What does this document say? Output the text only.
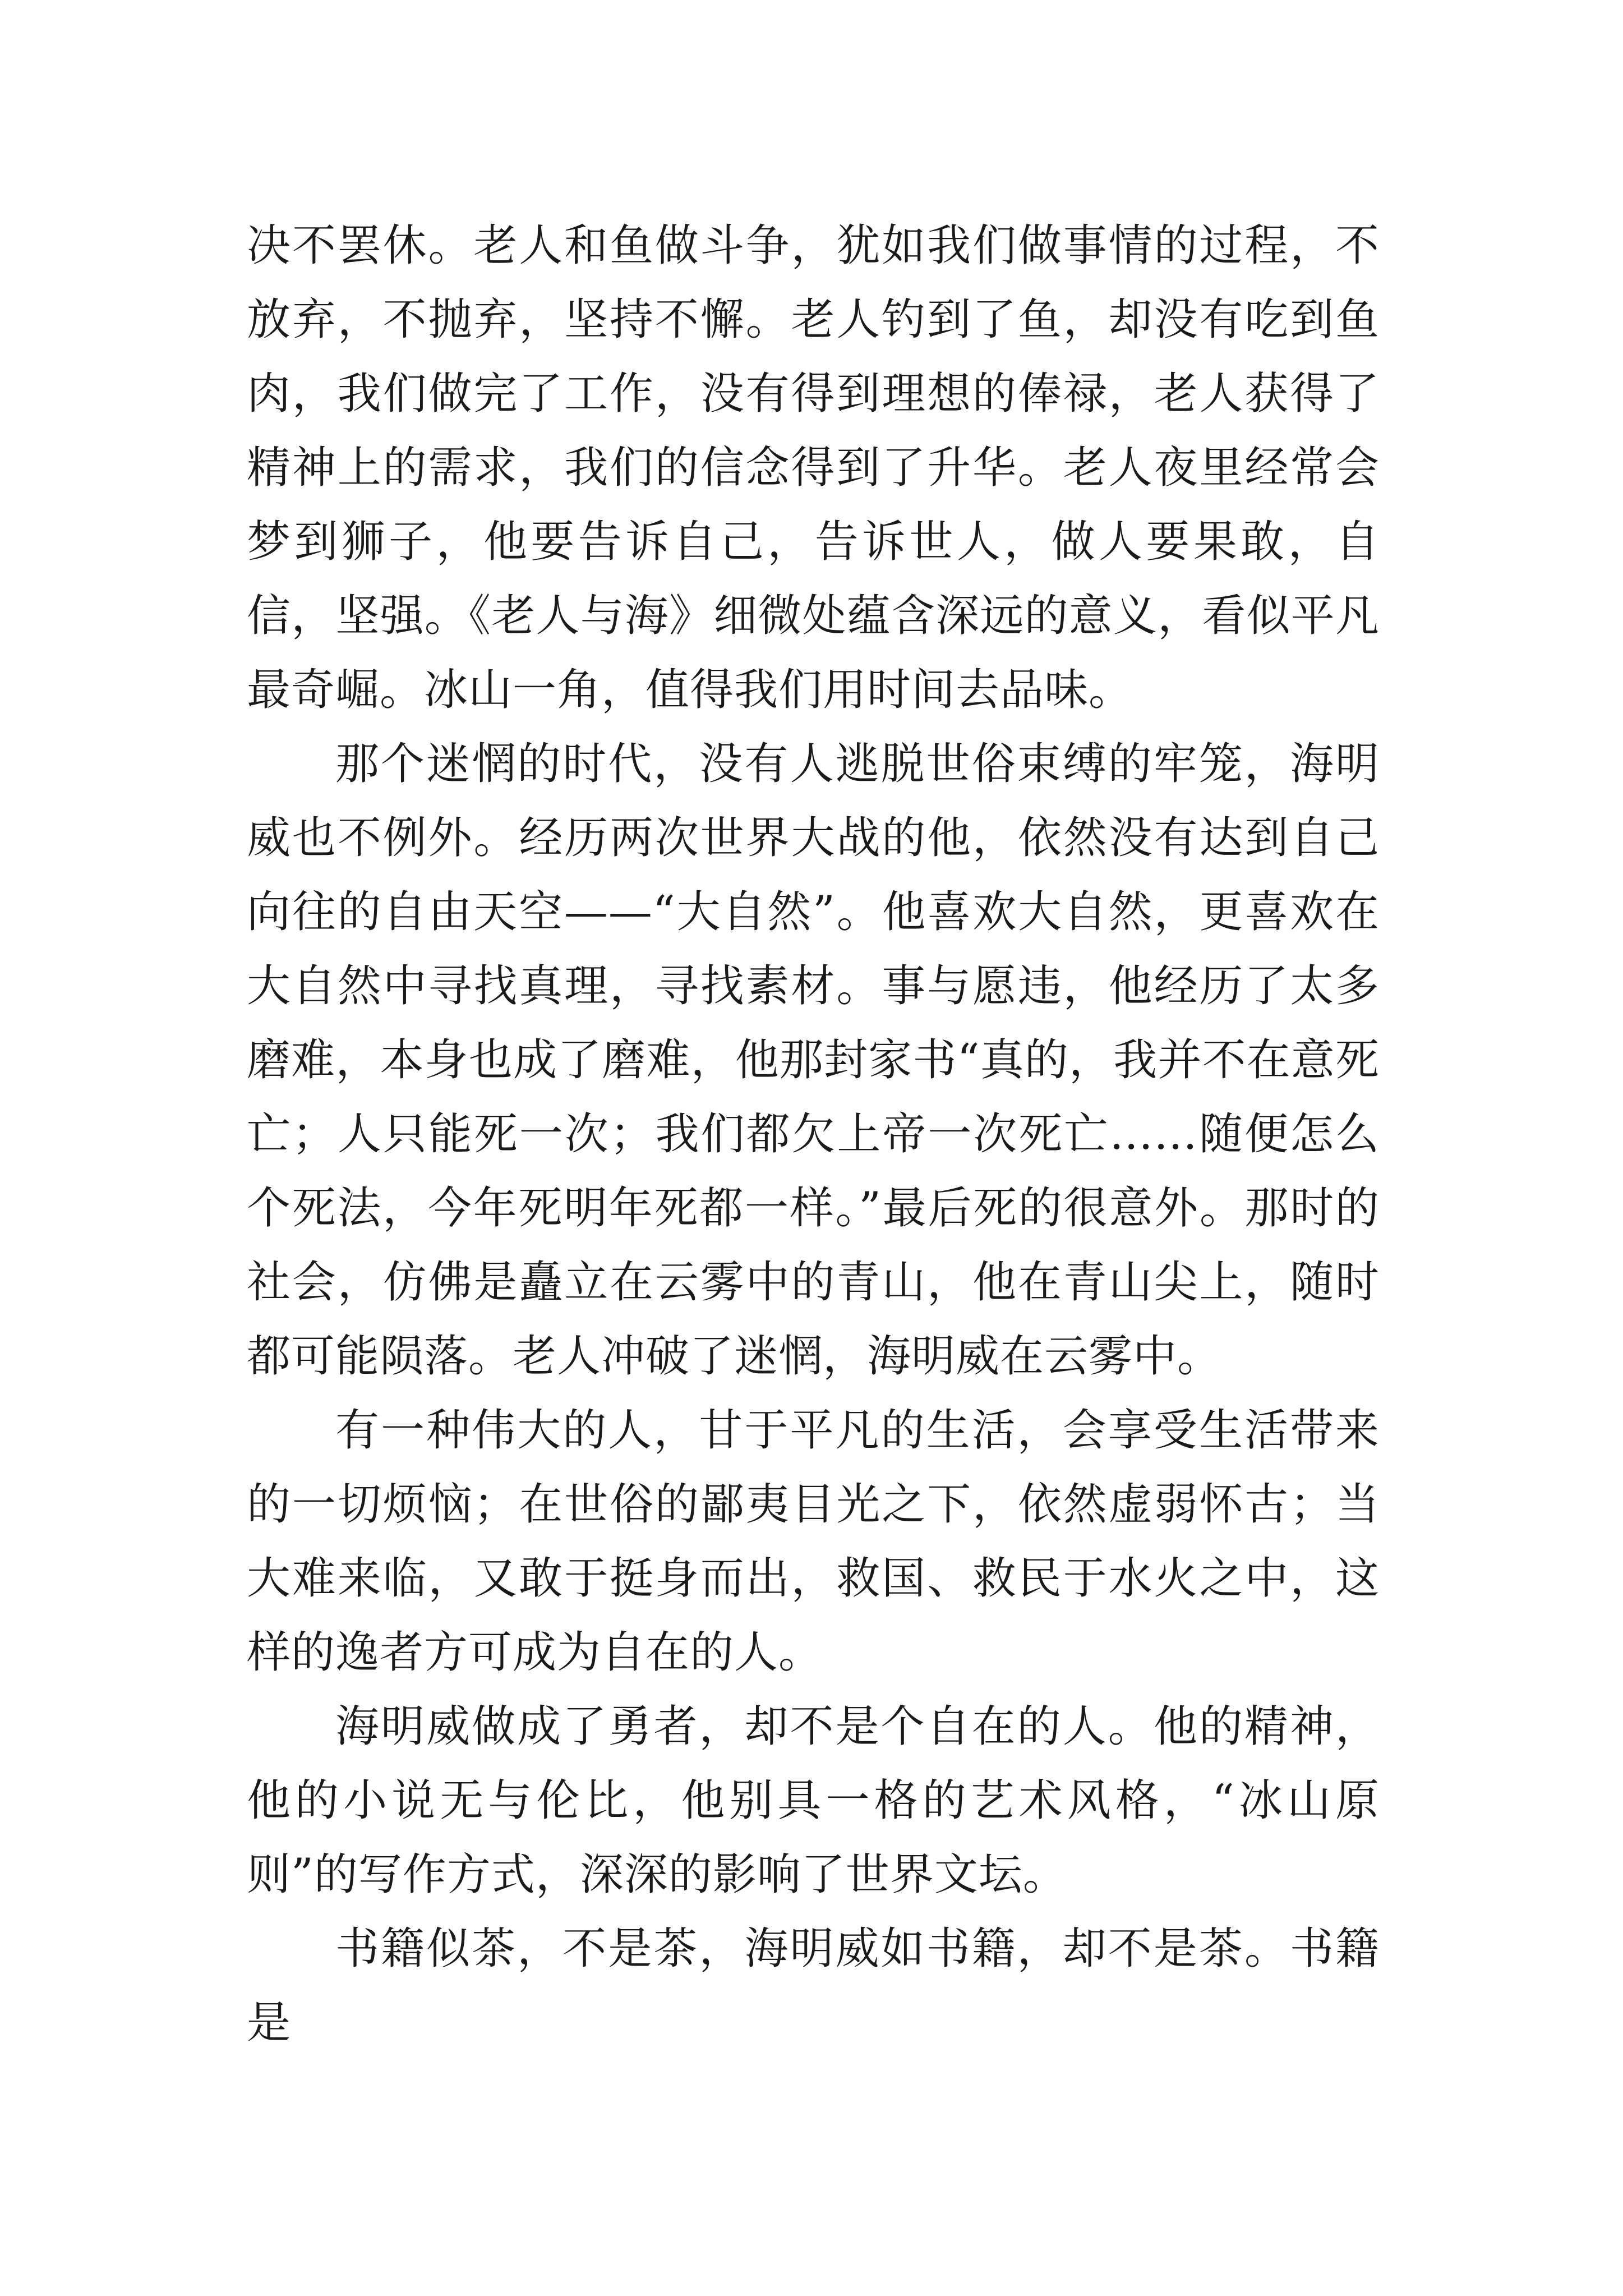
决不罢休。老人和鱼做斗争，犹如我们做事情的过程，不放弃，不抛弃，坚持不懈。老人钓到了鱼，却没有吃到鱼肉，我们做完了工作，没有得到理想的俸禄，老人获得了精神上的需求，我们的信念得到了升华。老人夜里经常会梦到狮子，他要告诉自己，告诉世人，做人要果敢，自信，坚强。《老人与海》细微处蕴含深远的意义，看似平凡最奇崛。冰山一角，值得我们用时间去品味。

那个迷惘的时代，没有人逃脱世俗束缚的牢笼，海明威也不例外。经历两次世界大战的他，依然没有达到自己向往的自由天空——“大自然”。他喜欢大自然，更喜欢在大自然中寻找真理，寻找素材。事与愿违，他经历了太多磨难，本身也成了磨难，他那封家书“真的，我并不在意死亡；人只能死一次；我们都欠上帝一次死亡……随便怎么个死法，今年死明年死都一样。”最后死的很意外。那时的社会，仿佛是矗立在云雾中的青山，他在青山尖上，随时都可能陨落。老人冲破了迷惘，海明威在云雾中。

有一种伟大的人，甘于平凡的生活，会享受生活带来的一切烦恼；在世俗的鄙夷目光之下，依然虚弱怀古；当大难来临，又敢于挺身而出，救国、救民于水火之中，这样的逸者方可成为自在的人。

海明威做成了勇者，却不是个自在的人。他的精神，他的小说无与伦比，他别具一格的艺术风格，“冰山原则”的写作方式，深深的影响了世界文坛。

书籍似茶，不是茶，海明威如书籍，却不是茶。书籍是
